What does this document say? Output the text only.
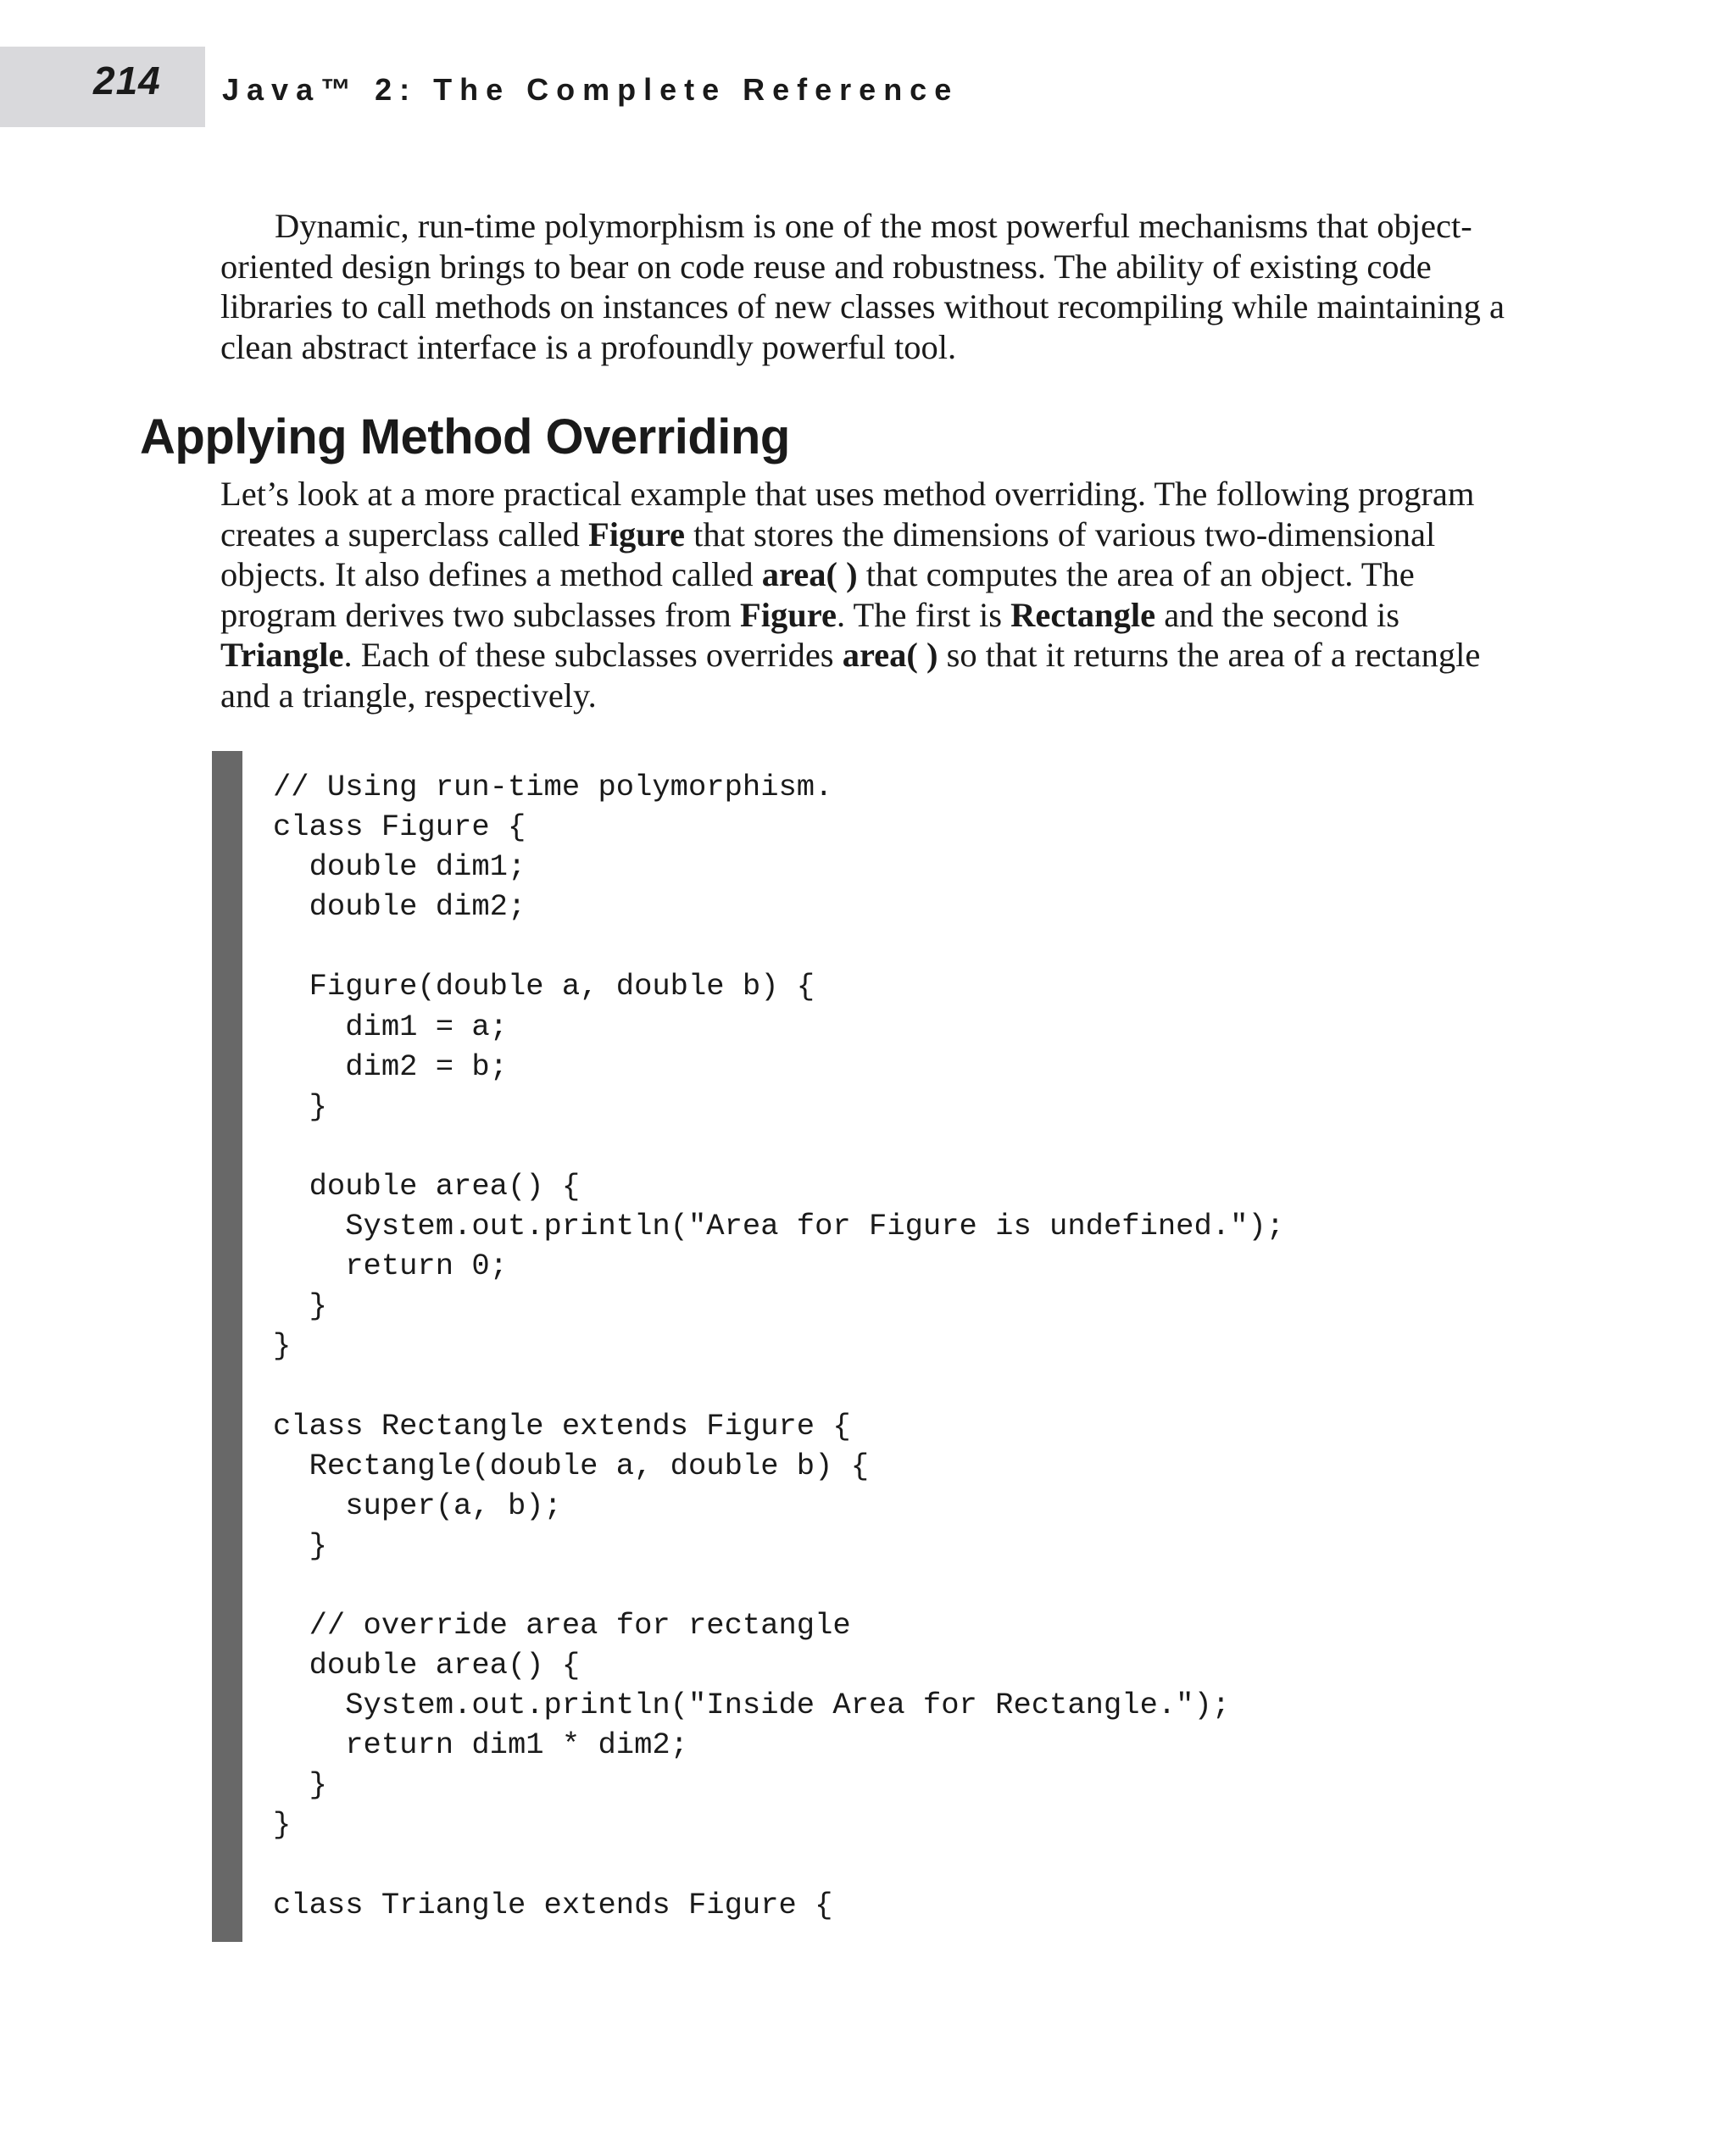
214 Java™ 2: The Complete Reference

Dynamic, run-time polymorphism is one of the most powerful mechanisms that object-oriented design brings to bear on code reuse and robustness. The ability of existing code libraries to call methods on instances of new classes without recompiling while maintaining a clean abstract interface is a profoundly powerful tool.

Applying Method Overriding

Let’s look at a more practical example that uses method overriding. The following program creates a superclass called Figure that stores the dimensions of various two-dimensional objects. It also defines a method called area( ) that computes the area of an object. The program derives two subclasses from Figure. The first is Rectangle and the second is Triangle. Each of these subclasses overrides area( ) so that it returns the area of a rectangle and a triangle, respectively.

// Using run-time polymorphism.
class Figure {
double dim1;
double dim2;

Figure(double a, double b) {
dim1 = a;
dim2 = b;
}

double area() {
System.out.println("Area for Figure is undefined.");
return 0;
}
}

class Rectangle extends Figure {
Rectangle(double a, double b) {
super(a, b);
}

// override area for rectangle
double area() {
System.out.println("Inside Area for Rectangle.");
return dim1 * dim2;
}
}

class Triangle extends Figure {
